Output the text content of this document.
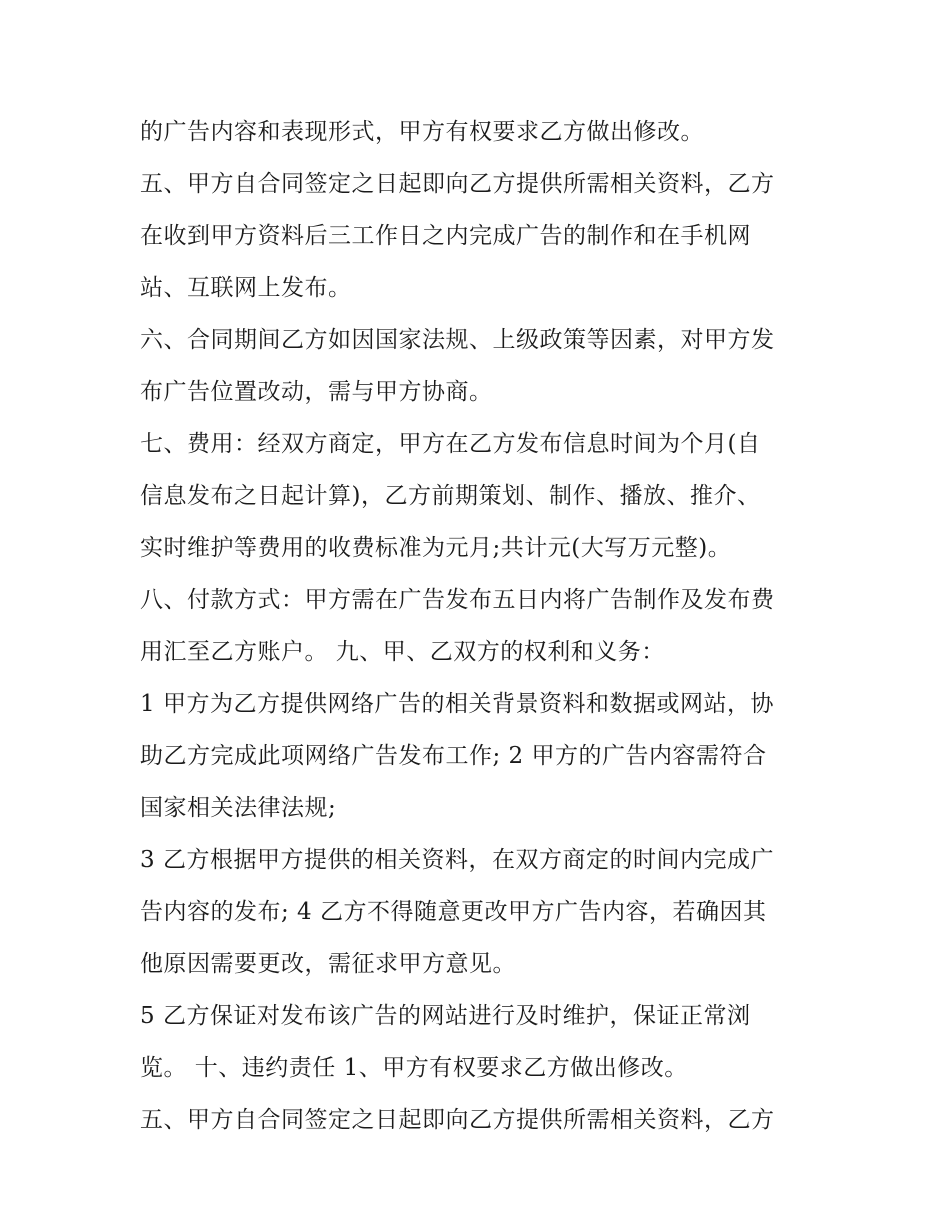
的广告内容和表现形式，甲方有权要求乙方做出修改。
五、甲方自合同签定之日起即向乙方提供所需相关资料，乙方
在收到甲方资料后三工作日之内完成广告的制作和在手机网
站、互联网上发布。
六、合同期间乙方如因国家法规、上级政策等因素，对甲方发
布广告位置改动，需与甲方协商。
七、费用：经双方商定，甲方在乙方发布信息时间为个月(自
信息发布之日起计算)，乙方前期策划、制作、播放、推介、
实时维护等费用的收费标准为元月;共计元(大写万元整)。
八、付款方式：甲方需在广告发布五日内将广告制作及发布费
用汇至乙方账户。 九、甲、乙双方的权利和义务：
1 甲方为乙方提供网络广告的相关背景资料和数据或网站，协
助乙方完成此项网络广告发布工作; 2 甲方的广告内容需符合
国家相关法律法规;
3 乙方根据甲方提供的相关资料，在双方商定的时间内完成广
告内容的发布; 4 乙方不得随意更改甲方广告内容，若确因其
他原因需要更改，需征求甲方意见。
5 乙方保证对发布该广告的网站进行及时维护，保证正常浏
览。 十、违约责任 1、甲方有权要求乙方做出修改。
五、甲方自合同签定之日起即向乙方提供所需相关资料，乙方
